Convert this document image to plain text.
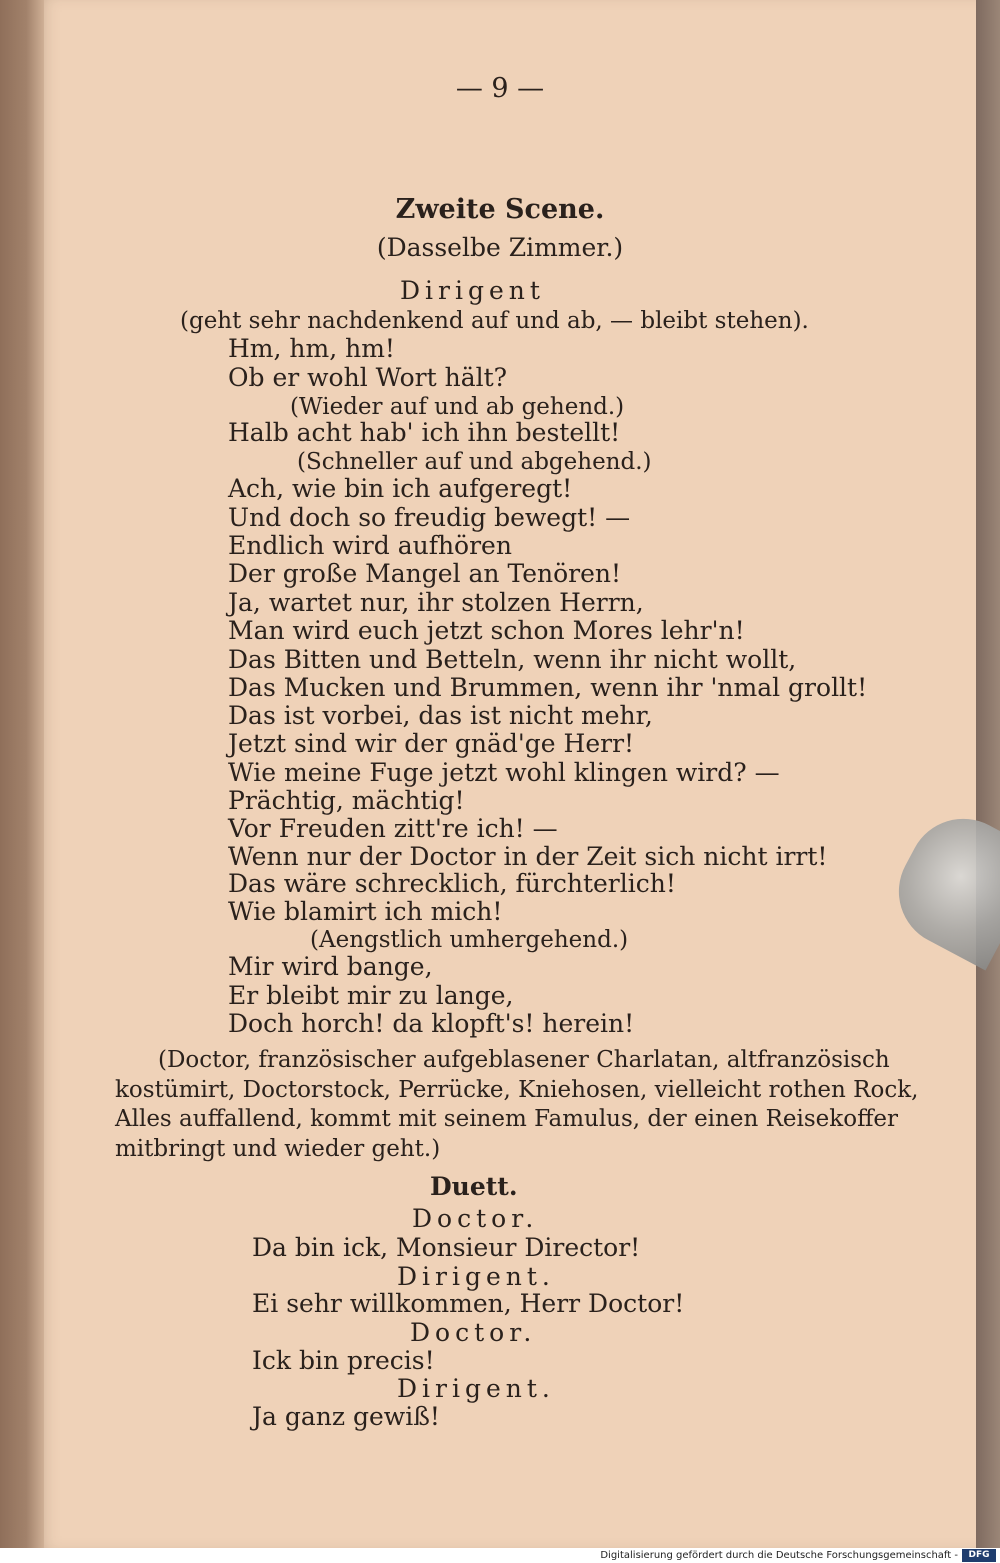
— 9 —
Zweite Scene.
(Dasselbe Zimmer.)
Dirigent
(geht sehr nachdenkend auf und ab, — bleibt stehen).
Hm, hm, hm!
Ob er wohl Wort hält?
(Wieder auf und ab gehend.)
Halb acht hab' ich ihn bestellt!
(Schneller auf und abgehend.)
Ach, wie bin ich aufgeregt!
Und doch so freudig bewegt! —
Endlich wird aufhören
Der große Mangel an Tenören!
Ja, wartet nur, ihr stolzen Herrn,
Man wird euch jetzt schon Mores lehr'n!
Das Bitten und Betteln, wenn ihr nicht wollt,
Das Mucken und Brummen, wenn ihr 'nmal grollt!
Das ist vorbei, das ist nicht mehr,
Jetzt sind wir der gnäd'ge Herr!
Wie meine Fuge jetzt wohl klingen wird? —
Prächtig, mächtig!
Vor Freuden zitt're ich! —
Wenn nur der Doctor in der Zeit sich nicht irrt!
Das wäre schrecklich, fürchterlich!
Wie blamirt ich mich!
(Aengstlich umhergehend.)
Mir wird bange,
Er bleibt mir zu lange,
Doch horch! da klopft's! herein!
(Doctor, französischer aufgeblasener Charlatan, altfranzösisch
kostümirt, Doctorstock, Perrücke, Kniehosen, vielleicht rothen Rock,
Alles auffallend, kommt mit seinem Famulus, der einen Reisekoffer
mitbringt und wieder geht.)
Duett.
Doctor.
Da bin ick, Monsieur Director!
Dirigent.
Ei sehr willkommen, Herr Doctor!
Doctor.
Ick bin precis!
Dirigent.
Ja ganz gewiß!
Digitalisierung gefördert durch die Deutsche Forschungsgemeinschaft -	DFG
